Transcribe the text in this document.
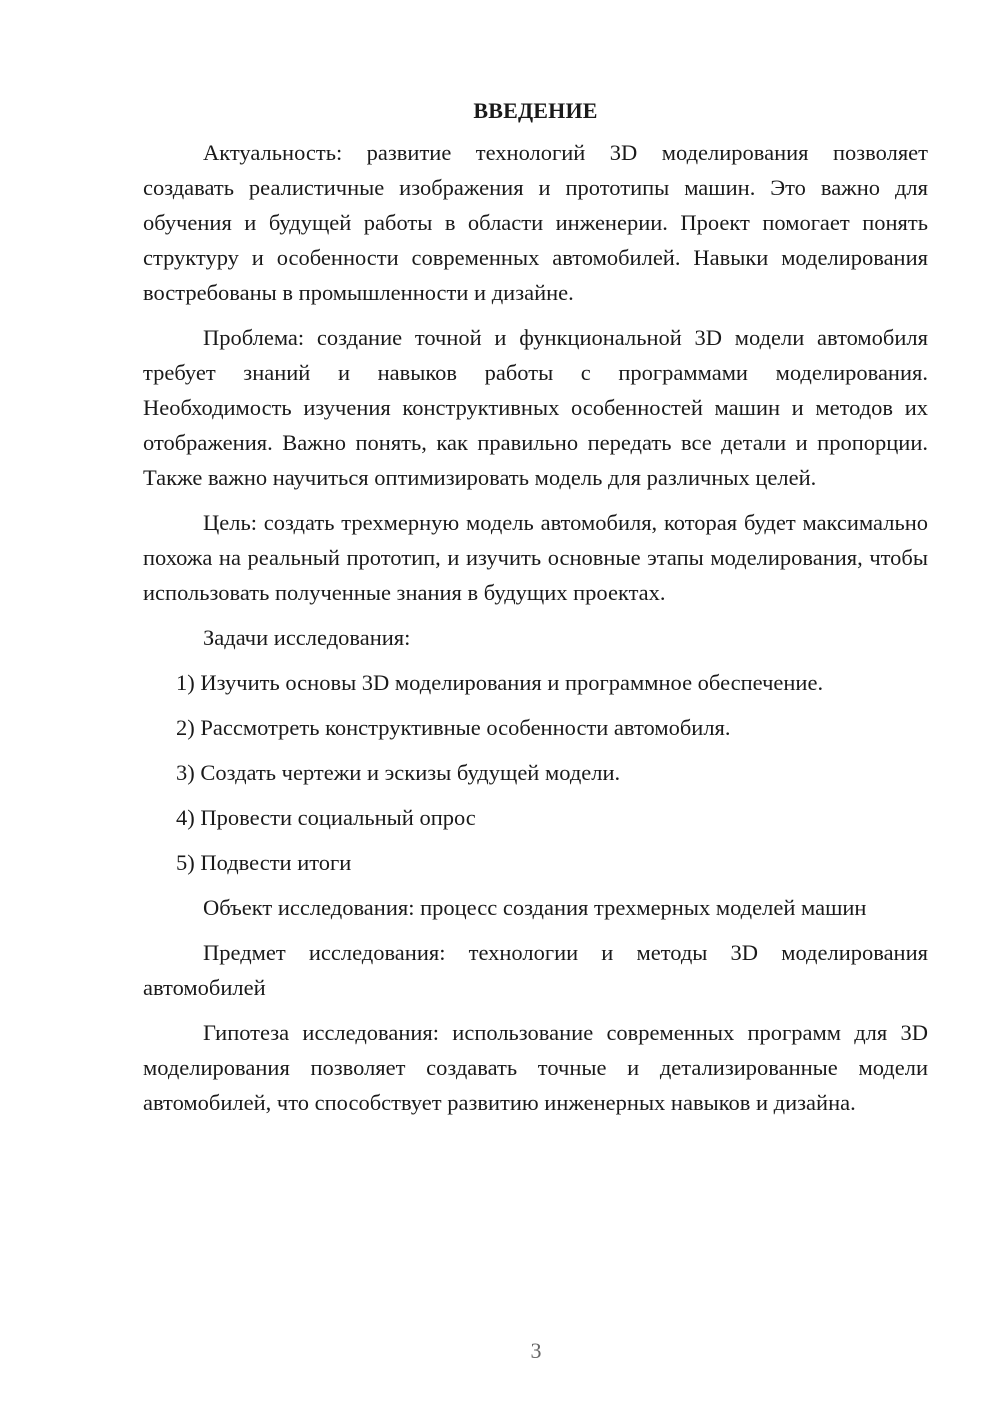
ВВЕДЕНИЕ

Актуальность: развитие технологий 3D моделирования позволяет создавать реалистичные изображения и прототипы машин. Это важно для обучения и будущей работы в области инженерии. Проект помогает понять структуру и особенности современных автомобилей. Навыки моделирования востребованы в промышленности и дизайне.

Проблема: создание точной и функциональной 3D модели автомобиля требует знаний и навыков работы с программами моделирования. Необходимость изучения конструктивных особенностей машин и методов их отображения. Важно понять, как правильно передать все детали и пропорции. Также важно научиться оптимизировать модель для различных целей.

Цель: создать трехмерную модель автомобиля, которая будет максимально похожа на реальный прототип, и изучить основные этапы моделирования, чтобы использовать полученные знания в будущих проектах.

Задачи исследования:

1) Изучить основы 3D моделирования и программное обеспечение.
2) Рассмотреть конструктивные особенности автомобиля.
3) Создать чертежи и эскизы будущей модели.
4) Провести социальный опрос
5) Подвести итоги

Объект исследования: процесс создания трехмерных моделей машин

Предмет исследования: технологии и методы 3D моделирования автомобилей

Гипотеза исследования: использование современных программ для 3D моделирования позволяет создавать точные и детализированные модели автомобилей, что способствует развитию инженерных навыков и дизайна.

3
